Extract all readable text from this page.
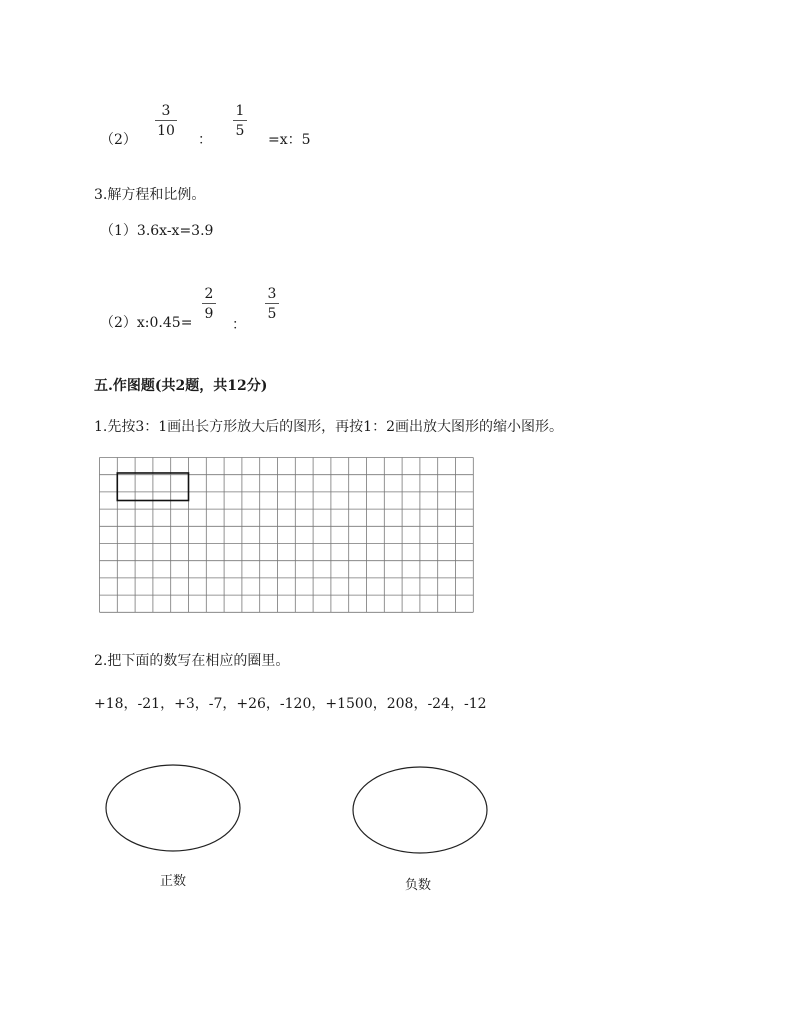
（2）
3
10
：
1
5
=x：5
3.解方程和比例。
（1）3.6x-x=3.9
（2）x:0.45=
2
9
：
3
5
五.作图题(共2题，共12分)
1.先按3：1画出长方形放大后的图形，再按1：2画出放大图形的缩小图形。
2.把下面的数写在相应的圈里。
+18，-21，+3，-7，+26，-120，+1500，208，-24，-12
正数	负数
